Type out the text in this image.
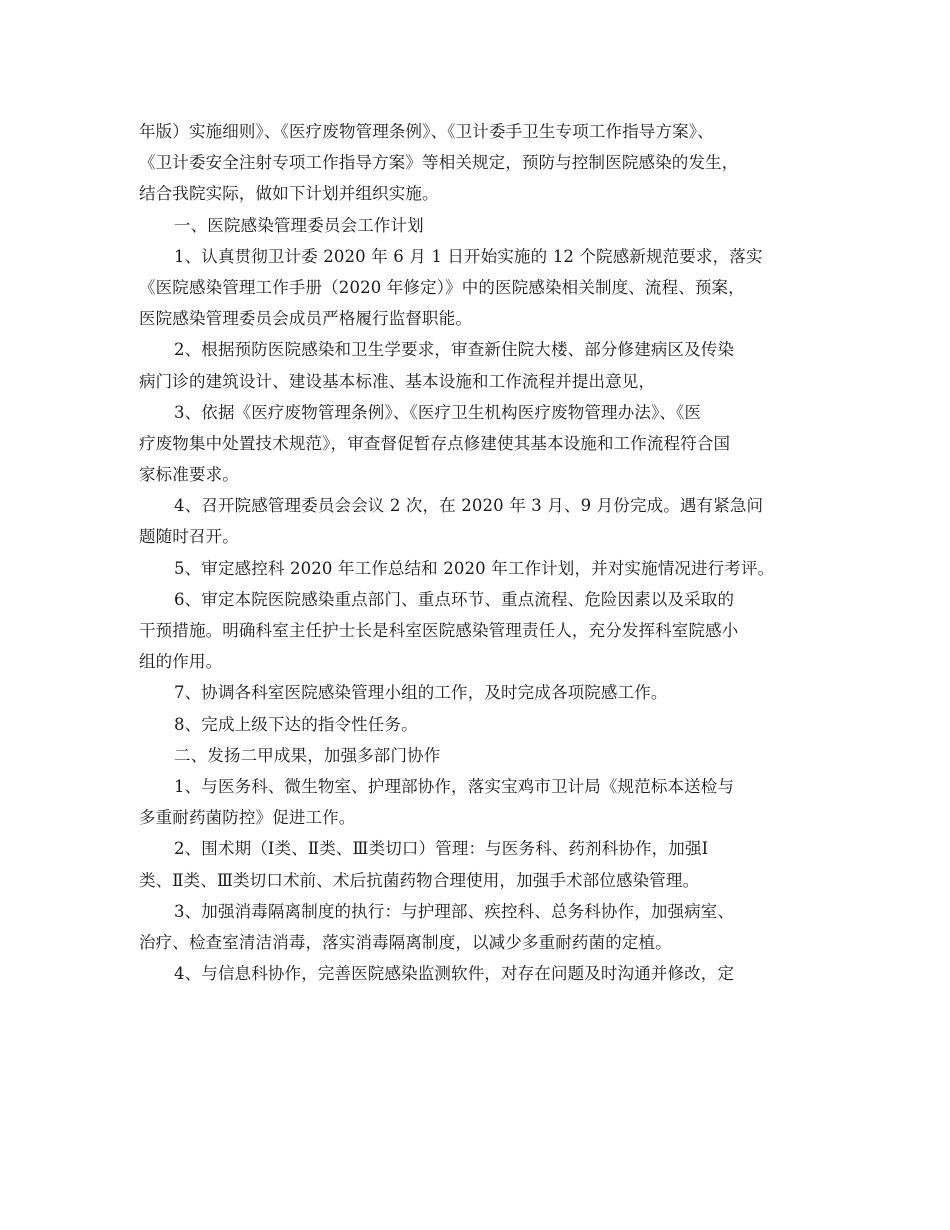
年版）实施细则》、《医疗废物管理条例》、《卫计委手卫生专项工作指导方案》、
《卫计委安全注射专项工作指导方案》等相关规定，预防与控制医院感染的发生，
结合我院实际，做如下计划并组织实施。
一、医院感染管理委员会工作计划
1、认真贯彻卫计委 2020 年 6 月 1 日开始实施的 12 个院感新规范要求，落实
《医院感染管理工作手册（2020 年修定）》中的医院感染相关制度、流程、预案，
医院感染管理委员会成员严格履行监督职能。
2、根据预防医院感染和卫生学要求，审查新住院大楼、部分修建病区及传染
病门诊的建筑设计、建设基本标准、基本设施和工作流程并提出意见，
3、依据《医疗废物管理条例》、《医疗卫生机构医疗废物管理办法》、《医
疗废物集中处置技术规范》，审查督促暂存点修建使其基本设施和工作流程符合国
家标准要求。
4、召开院感管理委员会会议 2 次，在 2020 年 3 月、9 月份完成。遇有紧急问
题随时召开。
5、审定感控科 2020 年工作总结和 2020 年工作计划，并对实施情况进行考评。
6、审定本院医院感染重点部门、重点环节、重点流程、危险因素以及采取的
干预措施。明确科室主任护士长是科室医院感染管理责任人，充分发挥科室院感小
组的作用。
7、协调各科室医院感染管理小组的工作，及时完成各项院感工作。
8、完成上级下达的指令性任务。
二、发扬二甲成果，加强多部门协作
1、与医务科、微生物室、护理部协作，落实宝鸡市卫计局《规范标本送检与
多重耐药菌防控》促进工作。
2、围术期（Ⅰ类、Ⅱ类、Ⅲ类切口）管理：与医务科、药剂科协作，加强Ⅰ
类、Ⅱ类、Ⅲ类切口术前、术后抗菌药物合理使用，加强手术部位感染管理。
3、加强消毒隔离制度的执行：与护理部、疾控科、总务科协作，加强病室、
治疗、检查室清洁消毒，落实消毒隔离制度，以减少多重耐药菌的定植。
4、与信息科协作，完善医院感染监测软件，对存在问题及时沟通并修改，定
